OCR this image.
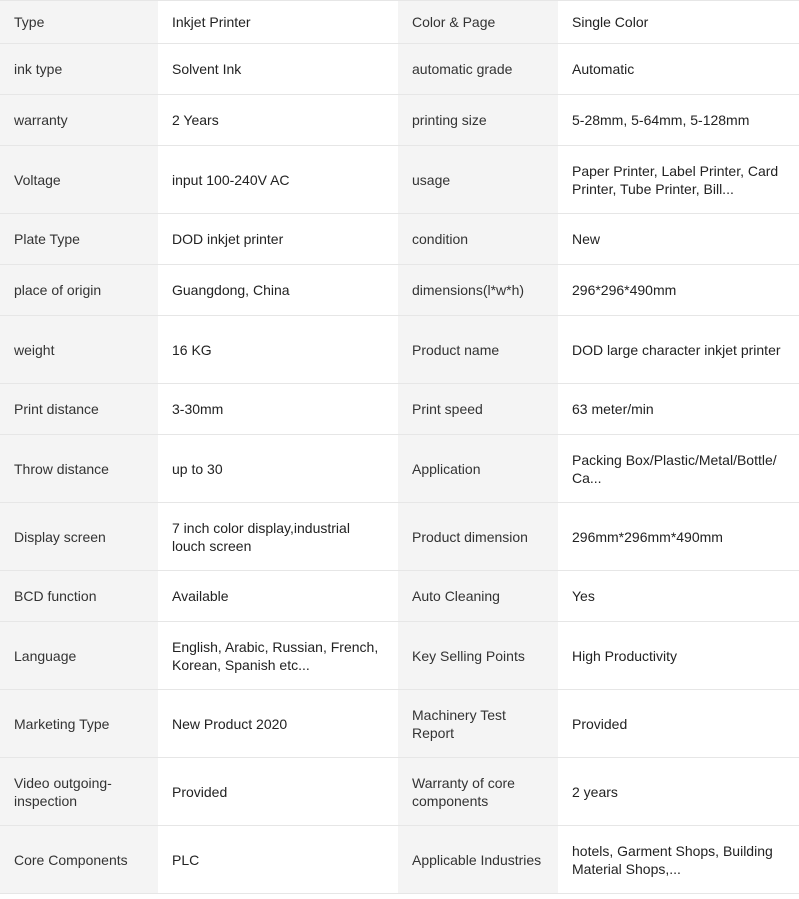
Type	Inkjet Printer	Color & Page	Single Color

ink type	Solvent Ink	automatic grade	Automatic

warranty	2 Years	printing size	5-28mm, 5-64mm, 5-128mm

Voltage	input 100-240V AC	usage	Paper Printer, Label Printer, Card Printer, Tube Printer, Bill...

Plate Type	DOD inkjet printer	condition	New

place of origin	Guangdong, China	dimensions(l*w*h)	296*296*490mm

weight	16 KG	Product name	DOD large character inkjet printer

Print distance	3-30mm	Print speed	63 meter/min

Throw distance	up to 30	Application	Packing Box/Plastic/Metal/Bottle/ Ca...

Display screen	7 inch color display,industrial louch screen	Product dimension	296mm*296mm*490mm

BCD function	Available	Auto Cleaning	Yes

Language	English, Arabic, Russian, French, Korean, Spanish etc...	Key Selling Points	High Productivity

Marketing Type	New Product 2020	Machinery Test Report	Provided

Video outgoing-inspection	Provided	Warranty of core components	2 years

Core Components	PLC	Applicable Industries	hotels, Garment Shops, Building Material Shops,...
